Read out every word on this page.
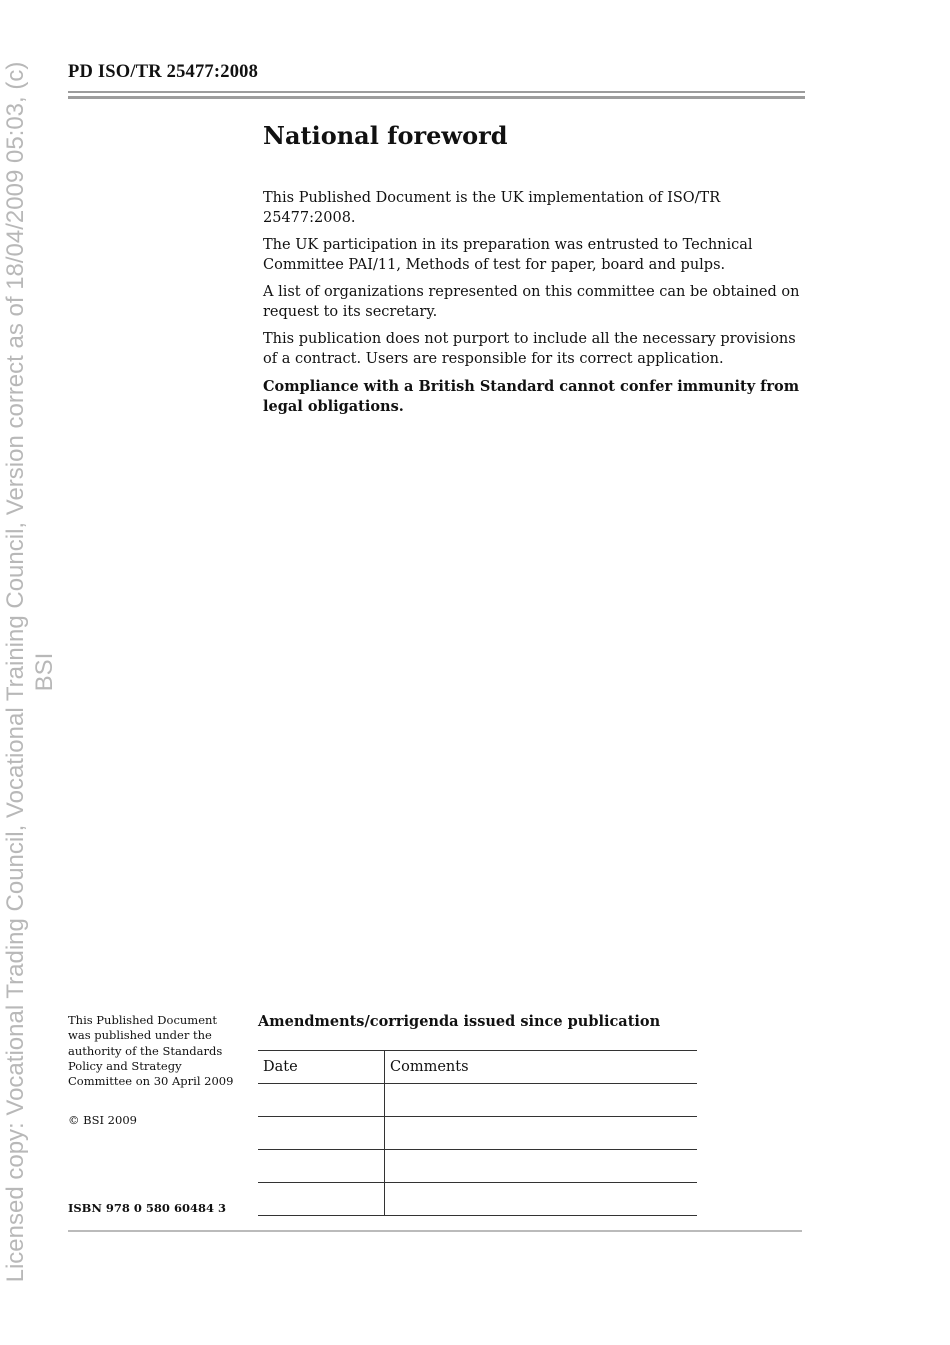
Licensed copy: Vocational Trading Council, Vocational Training Council, Version correct as of 18/04/2009 05:03, (c) BSI
PD ISO/TR 25477:2008
National foreword

This Published Document is the UK implementation of ISO/TR 25477:2008.

The UK participation in its preparation was entrusted to Technical Committee PAI/11, Methods of test for paper, board and pulps.

A list of organizations represented on this committee can be obtained on request to its secretary.

This publication does not purport to include all the necessary provisions of a contract. Users are responsible for its correct application.

Compliance with a British Standard cannot confer immunity from legal obligations.

This Published Document was published under the authority of the Standards Policy and Strategy Committee on 30 April 2009
© BSI 2009
ISBN 978 0 580 60484 3
Amendments/corrigenda issued since publication
Date	Comments
